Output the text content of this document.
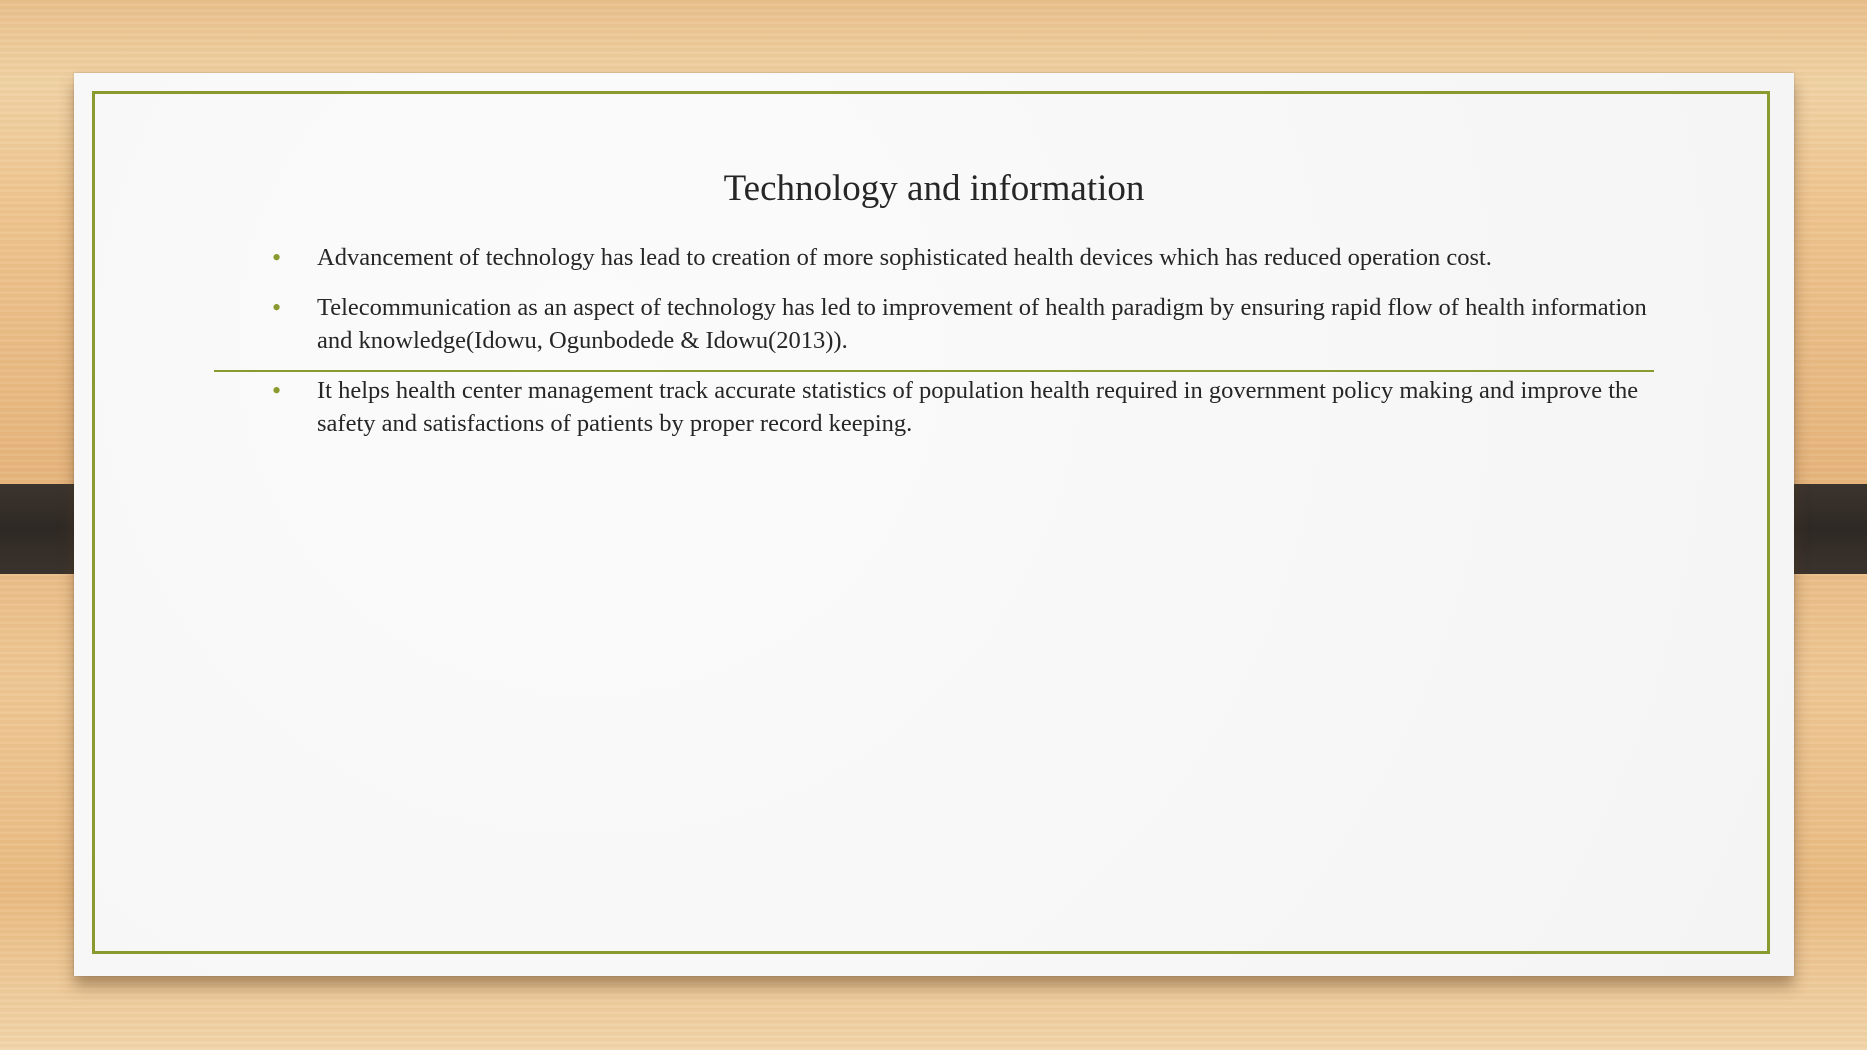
Technology and information
• Advancement of technology has lead to creation of more sophisticated health devices which has reduced operation cost.
• Telecommunication as an aspect of technology has led to improvement of health paradigm by ensuring rapid flow of health information and knowledge(Idowu, Ogunbodede & Idowu(2013)).
• It helps health center management track accurate statistics of population health required in government policy making and improve the safety and satisfactions of patients by proper record keeping.
